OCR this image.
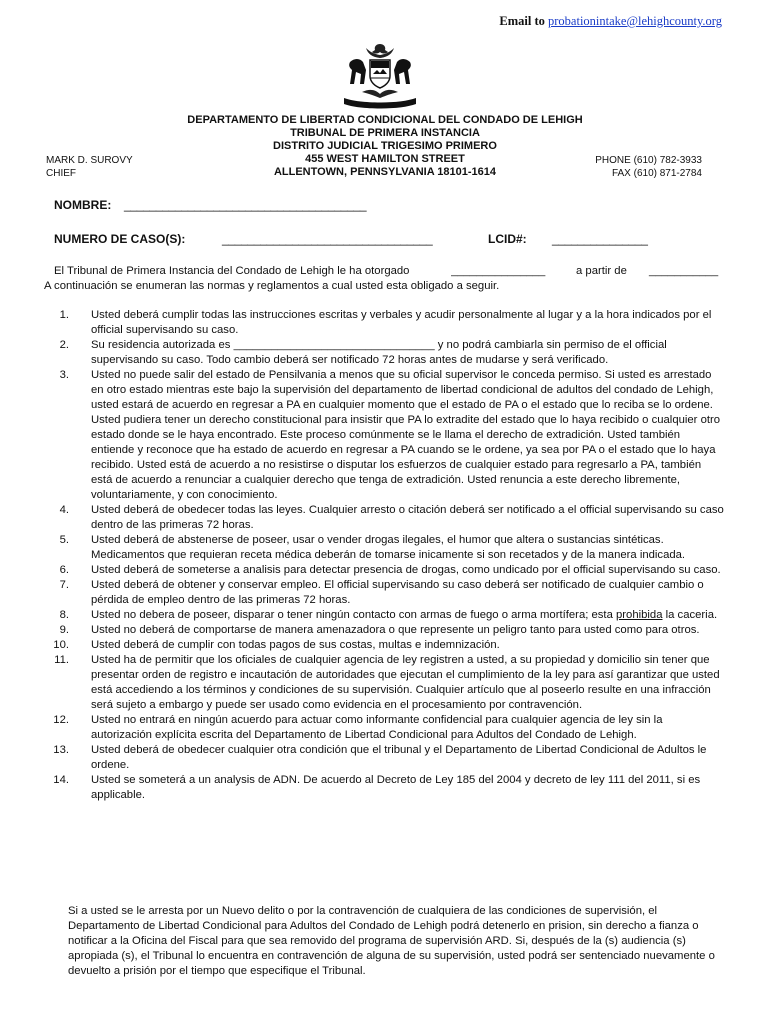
Email to probationintake@lehighcounty.org
DEPARTAMENTO DE LIBERTAD CONDICIONAL DEL CONDADO DE LEHIGH
TRIBUNAL DE PRIMERA INSTANCIA
DISTRITO JUDICIAL TRIGESIMO PRIMERO
455 WEST HAMILTON STREET
ALLENTOWN, PENNSYLVANIA 18101-1614
MARK D. SUROVY
CHIEF
PHONE (610) 782-3933
FAX (610) 871-2784
NOMBRE: ______________________________________
NUMERO DE CASO(S):	_________________________________	LCID#: _______________
El Tribunal de Primera Instancia del Condado de Lehigh le ha otorgado	_______________	a partir de ___________
A continuación se enumeran las normas y reglamentos a cual usted esta obligado a seguir.
1. Usted deberá cumplir todas las instrucciones escritas y verbales y acudir personalmente al lugar y a la hora indicados por el official supervisando su caso.
2. Su residencia autorizada es ________________________________ y no podrá cambiarla sin permiso de el official supervisando su caso. Todo cambio deberá ser notificado 72 horas antes de mudarse y será verificado.
3. Usted no puede salir del estado de Pensilvania a menos que su oficial supervisor le conceda permiso. Si usted es arrestado en otro estado mientras este bajo la supervisión del departamento de libertad condicional de adultos del condado de Lehigh, usted estará de acuerdo en regresar a PA en cualquier momento que el estado de PA o el estado que lo reciba se lo ordene. Usted pudiera tener un derecho constitucional para insistir que PA lo extradite del estado que lo haya recibido o cualquier otro estado donde se le haya encontrado. Este proceso comúnmente se le llama el derecho de extradición. Usted también entiende y reconoce que ha estado de acuerdo en regresar a PA cuando se le ordene, ya sea por PA o el estado que lo haya recibido. Usted está de acuerdo a no resistirse o disputar los esfuerzos de cualquier estado para regresarlo a PA, también está de acuerdo a renunciar a cualquier derecho que tenga de extradición. Usted renuncia a este derecho libremente, voluntariamente, y con conocimiento.
4. Usted deberá de obedecer todas las leyes. Cualquier arresto o citación deberá ser notificado a el official supervisando su caso dentro de las primeras 72 horas.
5. Usted deberá de abstenerse de poseer, usar o vender drogas ilegales, el humor que altera o sustancias sintéticas. Medicamentos que requieran receta médica deberán de tomarse inicamente si son recetados y de la manera indicada.
6. Usted deberá de someterse a analisis para detectar presencia de drogas, como undicado por el official supervisando su caso.
7. Usted deberá de obtener y conservar empleo. El official supervisando su caso deberá ser notificado de cualquier cambio o pérdida de empleo dentro de las primeras 72 horas.
8. Usted no debera de poseer, disparar o tener ningún contacto con armas de fuego o arma mortífera; esta prohibida la caceria.
9. Usted no deberá de comportarse de manera amenazadora o que represente un peligro tanto para usted como para otros.
10. Usted deberá de cumplir con todas pagos de sus costas, multas e indemnización.
11. Usted ha de permitir que los oficiales de cualquier agencia de ley registren a usted, a su propiedad y domicilio sin tener que presentar orden de registro e incautación de autoridades que ejecutan el cumplimiento de la ley para así garantizar que usted está accediendo a los términos y condiciones de su supervisión. Cualquier artículo que al poseerlo resulte en una infracción será sujeto a embargo y puede ser usado como evidencia en el procesamiento por contravención.
12. Usted no entrará en ningún acuerdo para actuar como informante confidencial para cualquier agencia de ley sin la autorización explícita escrita del Departamento de Libertad Condicional para Adultos del Condado de Lehigh.
13. Usted deberá de obedecer cualquier otra condición que el tribunal y el Departamento de Libertad Condicional de Adultos le ordene.
14. Usted se someterá a un analysis de ADN. De acuerdo al Decreto de Ley 185 del 2004 y decreto de ley 111 del 2011, si es applicable.
Si a usted se le arresta por un Nuevo delito o por la contravención de cualquiera de las condiciones de supervisión, el Departamento de Libertad Condicional para Adultos del Condado de Lehigh podrá detenerlo en prision, sin derecho a fianza o notificar a la Oficina del Fiscal para que sea removido del programa de supervisión ARD. Si, después de la (s) audiencia (s) apropiada (s), el Tribunal lo encuentra en contravención de alguna de su supervisión, usted podrá ser sentenciado nuevamente o devuelto a prisión por el tiempo que especifique el Tribunal.
